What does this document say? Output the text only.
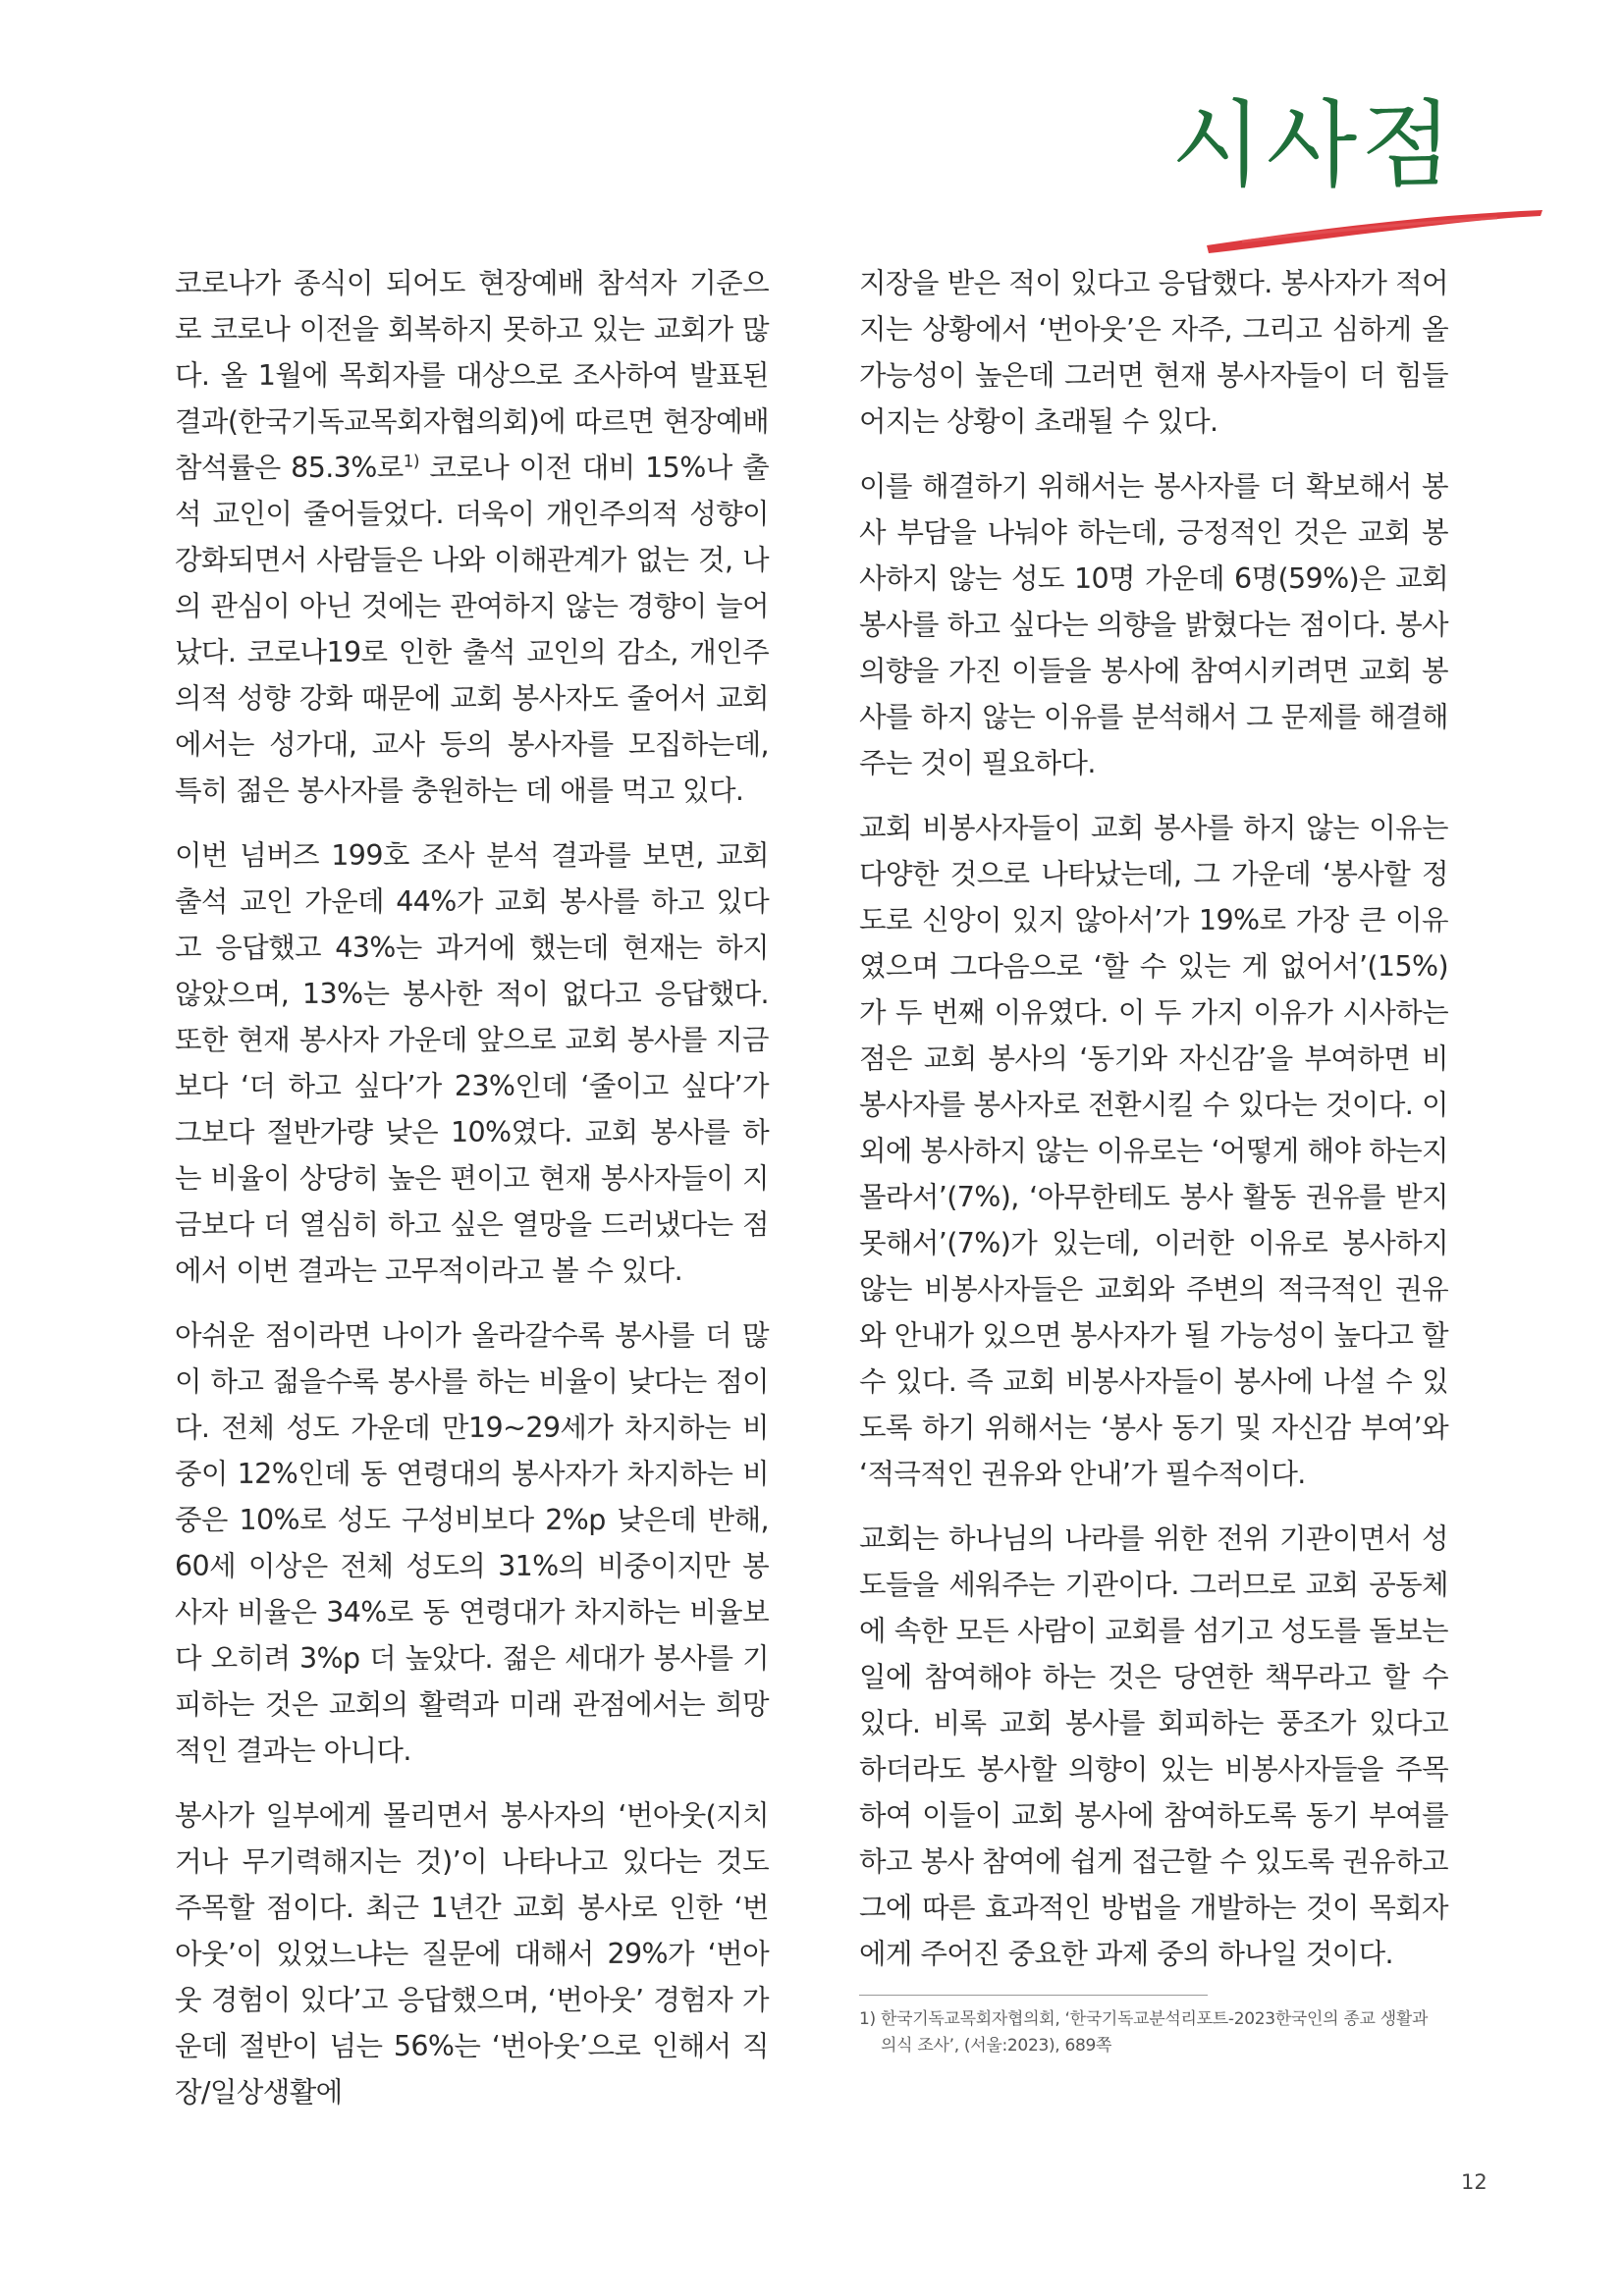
시사점

코로나가 종식이 되어도 현장예배 참석자 기준으로 코로나 이전을 회복하지 못하고 있는 교회가 많다. 올 1월에 목회자를 대상으로 조사하여 발표된 결과(한국기독교목회자협의회)에 따르면 현장예배 참석률은 85.3%로$^{1)}$ 코로나 이전 대비 15%나 출석 교인이 줄어들었다. 더욱이 개인주의적 성향이 강화되면서 사람들은 나와 이해관계가 없는 것, 나의 관심이 아닌 것에는 관여하지 않는 경향이 늘어났다. 코로나19로 인한 출석 교인의 감소, 개인주의적 성향 강화 때문에 교회 봉사자도 줄어서 교회에서는 성가대, 교사 등의 봉사자를 모집하는데, 특히 젊은 봉사자를 충원하는 데 애를 먹고 있다.

이번 넘버즈 199호 조사 분석 결과를 보면, 교회 출석 교인 가운데 44%가 교회 봉사를 하고 있다고 응답했고 43%는 과거에 했는데 현재는 하지 않았으며, 13%는 봉사한 적이 없다고 응답했다. 또한 현재 봉사자 가운데 앞으로 교회 봉사를 지금보다 ‘더 하고 싶다’가 23%인데 ‘줄이고 싶다’가 그보다 절반가량 낮은 10%였다. 교회 봉사를 하는 비율이 상당히 높은 편이고 현재 봉사자들이 지금보다 더 열심히 하고 싶은 열망을 드러냈다는 점에서 이번 결과는 고무적이라고 볼 수 있다.

아쉬운 점이라면 나이가 올라갈수록 봉사를 더 많이 하고 젊을수록 봉사를 하는 비율이 낮다는 점이다. 전체 성도 가운데 만19~29세가 차지하는 비중이 12%인데 동 연령대의 봉사자가 차지하는 비중은 10%로 성도 구성비보다 2%p 낮은데 반해, 60세 이상은 전체 성도의 31%의 비중이지만 봉사자 비율은 34%로 동 연령대가 차지하는 비율보다 오히려 3%p 더 높았다. 젊은 세대가 봉사를 기피하는 것은 교회의 활력과 미래 관점에서는 희망적인 결과는 아니다.

봉사가 일부에게 몰리면서 봉사자의 ‘번아웃(지치거나 무기력해지는 것)’이 나타나고 있다는 것도 주목할 점이다. 최근 1년간 교회 봉사로 인한 ‘번아웃’이 있었느냐는 질문에 대해서 29%가 ‘번아웃 경험이 있다’고 응답했으며, ‘번아웃’ 경험자 가운데 절반이 넘는 56%는 ‘번아웃’으로 인해서 직장/일상생활에

지장을 받은 적이 있다고 응답했다. 봉사자가 적어지는 상황에서 ‘번아웃’은 자주, 그리고 심하게 올 가능성이 높은데 그러면 현재 봉사자들이 더 힘들어지는 상황이 초래될 수 있다.

이를 해결하기 위해서는 봉사자를 더 확보해서 봉사 부담을 나눠야 하는데, 긍정적인 것은 교회 봉사하지 않는 성도 10명 가운데 6명(59%)은 교회 봉사를 하고 싶다는 의향을 밝혔다는 점이다. 봉사 의향을 가진 이들을 봉사에 참여시키려면 교회 봉사를 하지 않는 이유를 분석해서 그 문제를 해결해 주는 것이 필요하다.

교회 비봉사자들이 교회 봉사를 하지 않는 이유는 다양한 것으로 나타났는데, 그 가운데 ‘봉사할 정도로 신앙이 있지 않아서’가 19%로 가장 큰 이유였으며 그다음으로 ‘할 수 있는 게 없어서’(15%)가 두 번째 이유였다. 이 두 가지 이유가 시사하는 점은 교회 봉사의 ‘동기와 자신감’을 부여하면 비봉사자를 봉사자로 전환시킬 수 있다는 것이다. 이 외에 봉사하지 않는 이유로는 ‘어떻게 해야 하는지 몰라서’(7%), ‘아무한테도 봉사 활동 권유를 받지 못해서’(7%)가 있는데, 이러한 이유로 봉사하지 않는 비봉사자들은 교회와 주변의 적극적인 권유와 안내가 있으면 봉사자가 될 가능성이 높다고 할 수 있다. 즉 교회 비봉사자들이 봉사에 나설 수 있도록 하기 위해서는 ‘봉사 동기 및 자신감 부여’와 ‘적극적인 권유와 안내’가 필수적이다.

교회는 하나님의 나라를 위한 전위 기관이면서 성도들을 세워주는 기관이다. 그러므로 교회 공동체에 속한 모든 사람이 교회를 섬기고 성도를 돌보는 일에 참여해야 하는 것은 당연한 책무라고 할 수 있다. 비록 교회 봉사를 회피하는 풍조가 있다고 하더라도 봉사할 의향이 있는 비봉사자들을 주목하여 이들이 교회 봉사에 참여하도록 동기 부여를 하고 봉사 참여에 쉽게 접근할 수 있도록 권유하고 그에 따른 효과적인 방법을 개발하는 것이 목회자에게 주어진 중요한 과제 중의 하나일 것이다.

1) 한국기독교목회자협의회, ‘한국기독교분석리포트-2023한국인의 종교 생활과
의식 조사’, (서울:2023), 689쪽
12
